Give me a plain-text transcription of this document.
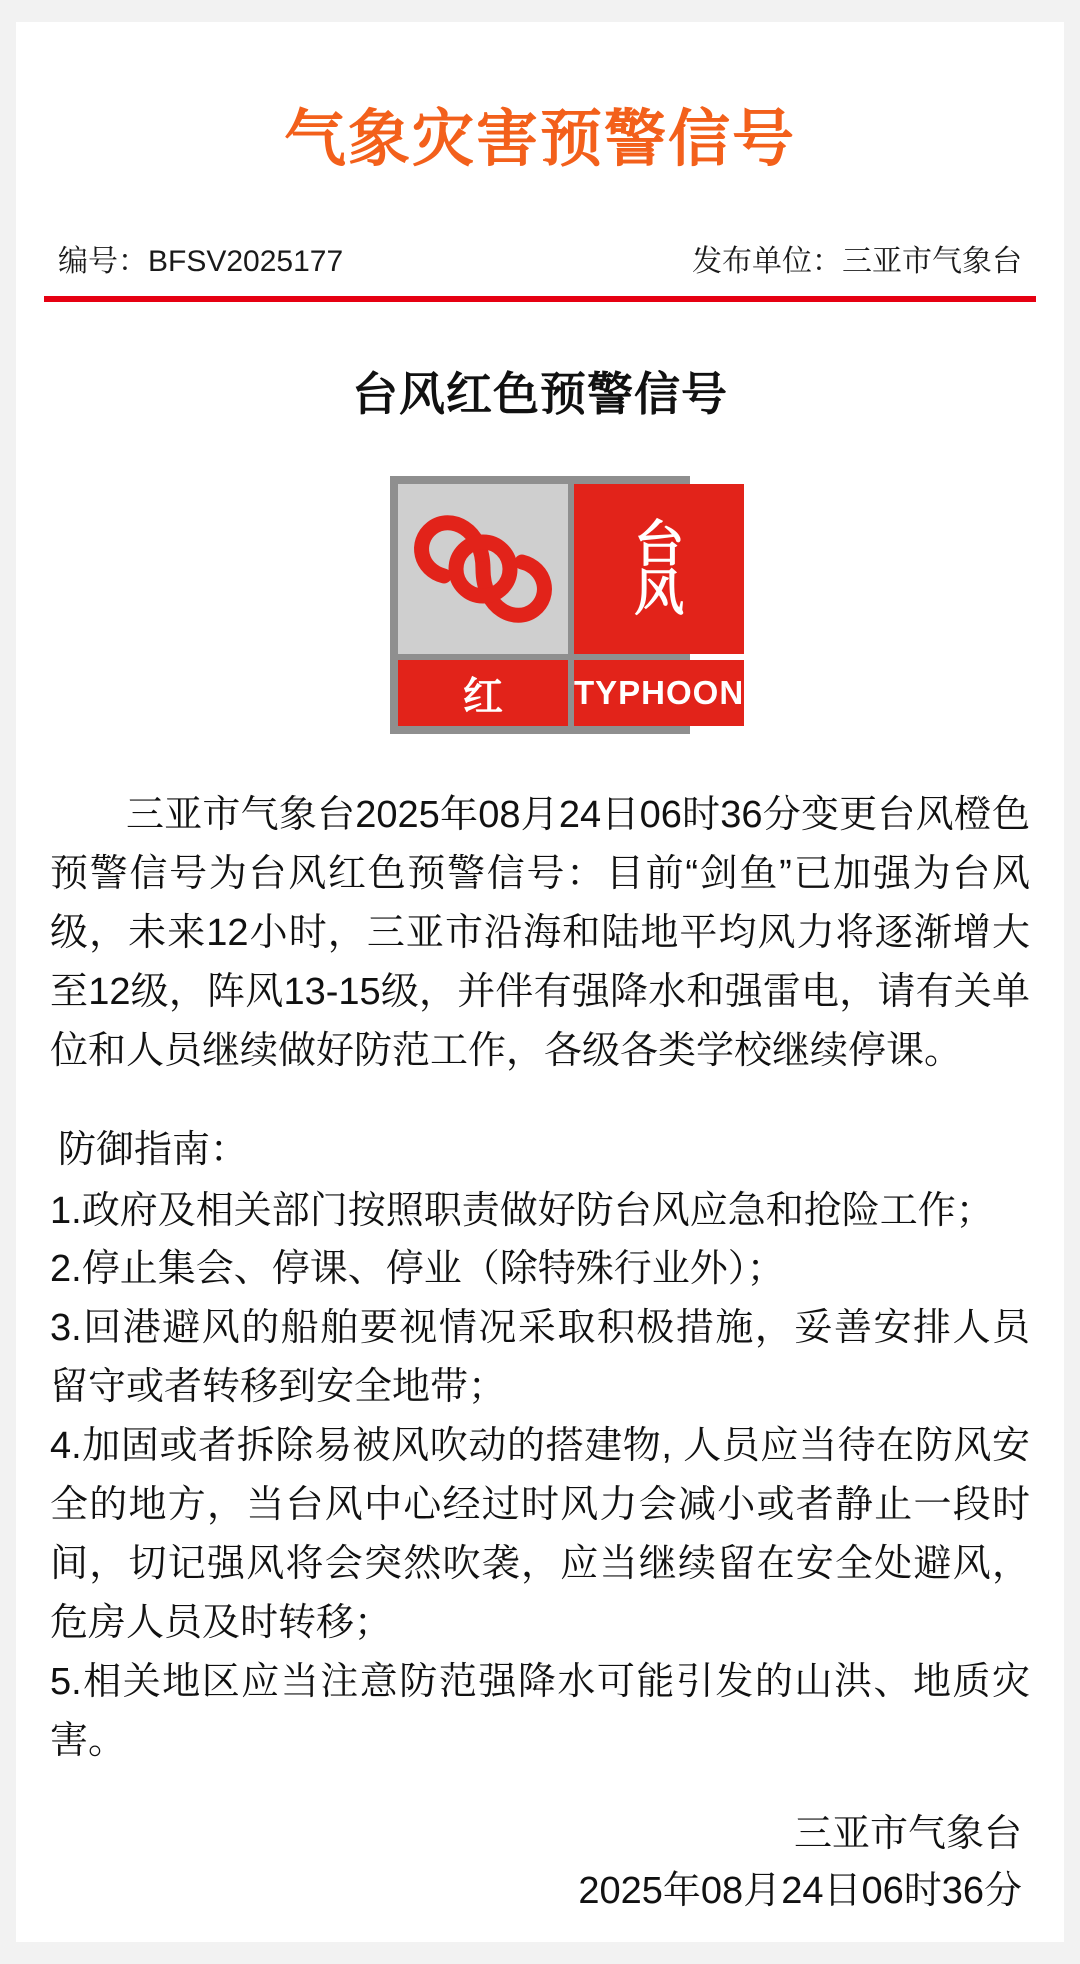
气象灾害预警信号
编号：BFSV2025177	发布单位：三亚市气象台
台风红色预警信号
台
风
红	TYPHOON
三亚市气象台2025年08月24日06时36分变更台风橙色预警信号为台风红色预警信号：目前“剑鱼”已加强为台风级，未来12小时，三亚市沿海和陆地平均风力将逐渐增大至12级，阵风13-15级，并伴有强降水和强雷电，请有关单位和人员继续做好防范工作，各级各类学校继续停课。

防御指南：

1.政府及相关部门按照职责做好防台风应急和抢险工作；

2.停止集会、停课、停业（除特殊行业外）；

3.回港避风的船舶要视情况采取积极措施，妥善安排人员留守或者转移到安全地带；

4.加固或者拆除易被风吹动的搭建物, 人员应当待在防风安全的地方，当台风中心经过时风力会减小或者静止一段时间，切记强风将会突然吹袭，应当继续留在安全处避风，危房人员及时转移；

5.相关地区应当注意防范强降水可能引发的山洪、地质灾害。

三亚市气象台
2025年08月24日06时36分
